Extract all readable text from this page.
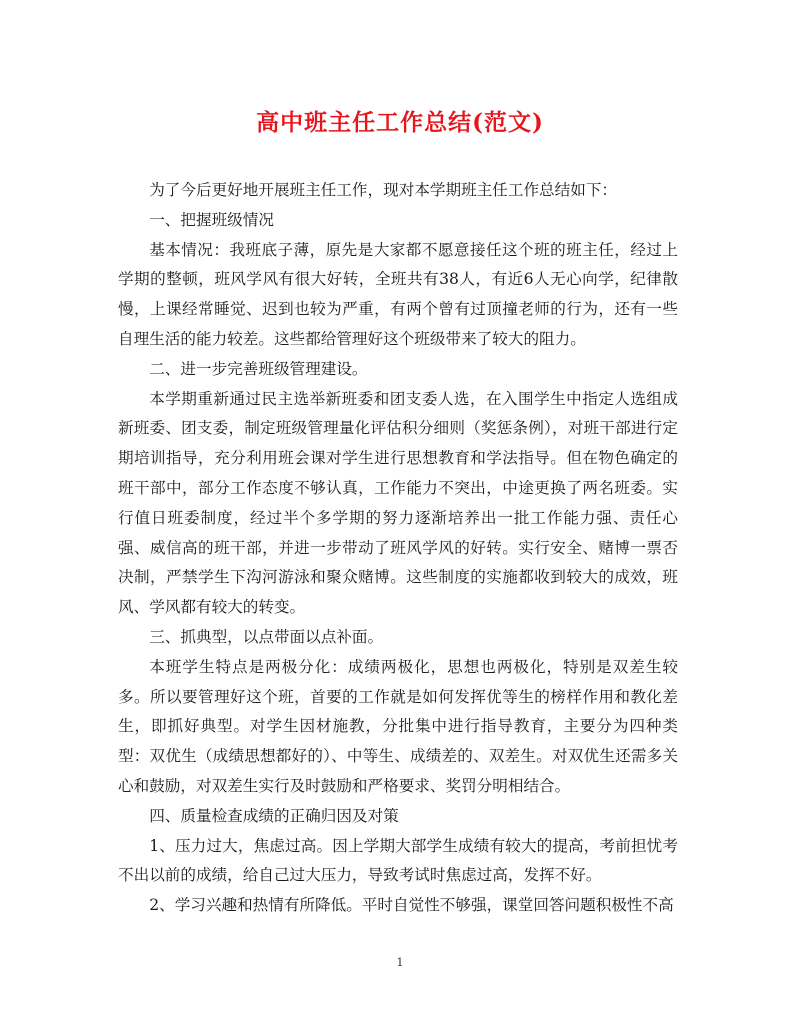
高中班主任工作总结(范文)

为了今后更好地开展班主任工作，现对本学期班主任工作总结如下：

一、把握班级情况

基本情况：我班底子薄，原先是大家都不愿意接任这个班的班主任，经过上学期的整顿，班风学风有很大好转，全班共有38人，有近6人无心向学，纪律散慢，上课经常睡觉、迟到也较为严重，有两个曾有过顶撞老师的行为，还有一些自理生活的能力较差。这些都给管理好这个班级带来了较大的阻力。

二、进一步完善班级管理建设。

本学期重新通过民主选举新班委和团支委人选，在入围学生中指定人选组成新班委、团支委，制定班级管理量化评估积分细则（奖惩条例），对班干部进行定期培训指导，充分利用班会课对学生进行思想教育和学法指导。但在物色确定的班干部中，部分工作态度不够认真，工作能力不突出，中途更换了两名班委。实行值日班委制度，经过半个多学期的努力逐渐培养出一批工作能力强、责任心强、威信高的班干部，并进一步带动了班风学风的好转。实行安全、赌博一票否决制，严禁学生下沟河游泳和聚众赌博。这些制度的实施都收到较大的成效，班风、学风都有较大的转变。

三、抓典型，以点带面以点补面。

本班学生特点是两极分化：成绩两极化，思想也两极化，特别是双差生较多。所以要管理好这个班，首要的工作就是如何发挥优等生的榜样作用和教化差生，即抓好典型。对学生因材施教，分批集中进行指导教育，主要分为四种类型：双优生（成绩思想都好的）、中等生、成绩差的、双差生。对双优生还需多关心和鼓励，对双差生实行及时鼓励和严格要求、奖罚分明相结合。

四、质量检查成绩的正确归因及对策

1、压力过大，焦虑过高。因上学期大部学生成绩有较大的提高，考前担忧考不出以前的成绩，给自己过大压力，导致考试时焦虑过高，发挥不好。

2、学习兴趣和热情有所降低。平时自觉性不够强，课堂回答问题积极性不高

1
